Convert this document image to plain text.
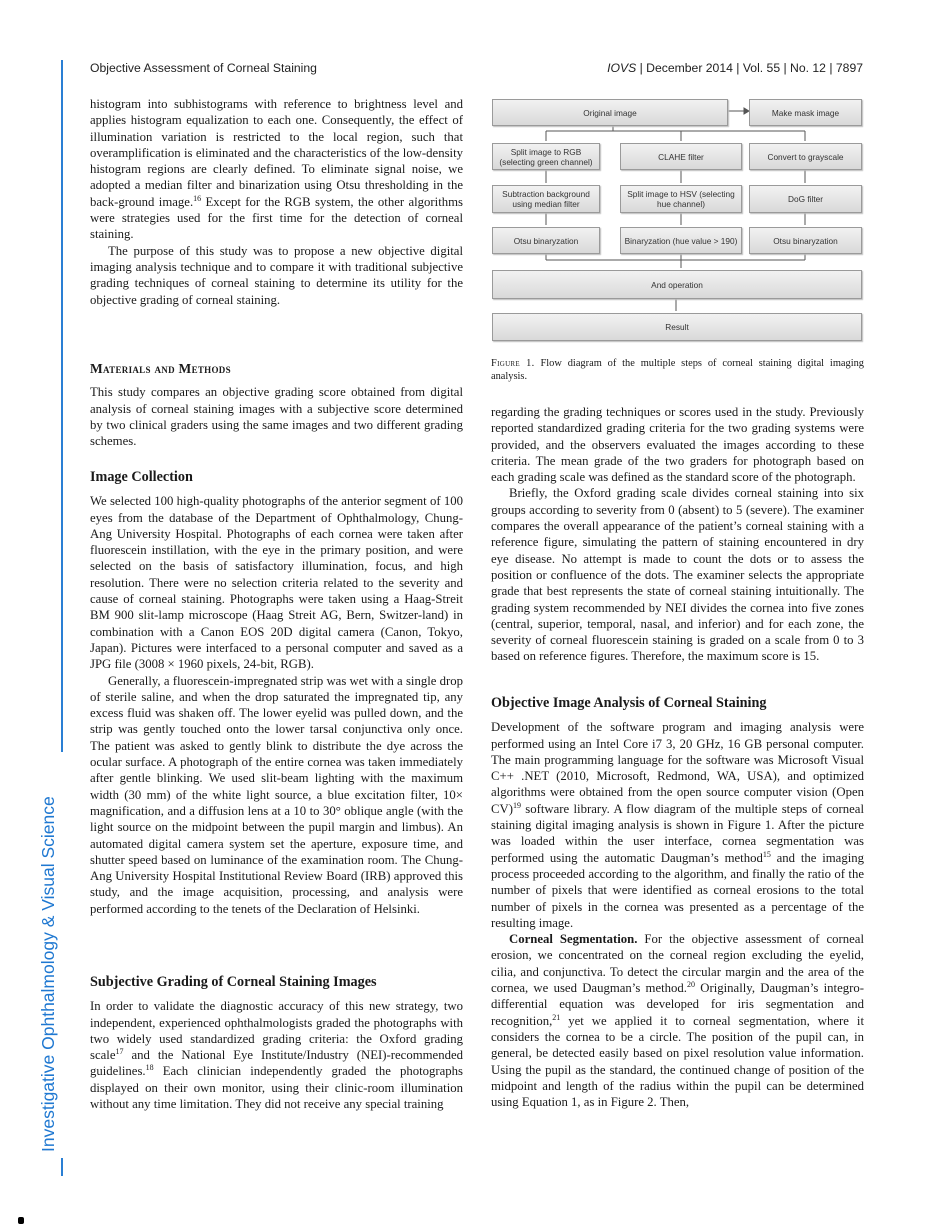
Investigative Ophthalmology & Visual Science
Objective Assessment of Corneal Staining	IOVS | December 2014 | Vol. 55 | No. 12 | 7897

histogram into subhistograms with reference to brightness level and applies histogram equalization to each one. Consequently, the effect of illumination variation is restricted to the local region, such that overamplification is eliminated and the characteristics of the low-density histogram regions are clearly defined. To eliminate signal noise, we adopted a median filter and binarization using Otsu thresholding in the back-ground image.$^{16}$ Except for the RGB system, the other algorithms were strategies used for the first time for the detection of corneal staining.

The purpose of this study was to propose a new objective digital imaging analysis technique and to compare it with traditional subjective grading techniques of corneal staining to determine its utility for the objective grading of corneal staining.

Materials and Methods

This study compares an objective grading score obtained from digital analysis of corneal staining images with a subjective score determined by two clinical graders using the same images and two different grading schemes.

Image Collection

We selected 100 high-quality photographs of the anterior segment of 100 eyes from the database of the Department of Ophthalmology, Chung-Ang University Hospital. Photographs of each cornea were taken after fluorescein instillation, with the eye in the primary position, and were selected on the basis of satisfactory illumination, focus, and high resolution. There were no selection criteria related to the severity and cause of corneal staining. Photographs were taken using a Haag-Streit BM 900 slit-lamp microscope (Haag Streit AG, Bern, Switzer-land) in combination with a Canon EOS 20D digital camera (Canon, Tokyo, Japan). Pictures were interfaced to a personal computer and saved as a JPG file (3008 × 1960 pixels, 24-bit, RGB).

Generally, a fluorescein-impregnated strip was wet with a single drop of sterile saline, and when the drop saturated the impregnated tip, any excess fluid was shaken off. The lower eyelid was pulled down, and the strip was gently touched onto the lower tarsal conjunctiva only once. The patient was asked to gently blink to distribute the dye across the ocular surface. A photograph of the entire cornea was taken immediately after gentle blinking. We used slit-beam lighting with the maximum width (30 mm) of the white light source, a blue excitation filter, 10× magnification, and a diffusion lens at a 10 to 30° oblique angle (with the light source on the midpoint between the pupil margin and limbus). An automated digital camera system set the aperture, exposure time, and shutter speed based on luminance of the examination room. The Chung-Ang University Hospital Institutional Review Board (IRB) approved this study, and the image acquisition, processing, and analysis were performed according to the tenets of the Declaration of Helsinki.

Subjective Grading of Corneal Staining Images

In order to validate the diagnostic accuracy of this new strategy, two independent, experienced ophthalmologists graded the photographs with two widely used standardized grading criteria: the Oxford grading scale$^{17}$ and the National Eye Institute/Industry (NEI)-recommended guidelines.$^{18}$ Each clinician independently graded the photographs displayed on their own monitor, using their clinic-room illumination without any time limitation. They did not receive any special training

Original image	Make mask image
Split image to RGB (selecting green channel)	CLAHE filter	Convert to grayscale
Subtraction background using median filter
Split image to HSV (selecting hue channel)	DoG filter
Otsu binaryzation	Binaryzation (hue value > 190)	Otsu binaryzation
And operation
Result
Figure 1. Flow diagram of the multiple steps of corneal staining digital imaging analysis.

regarding the grading techniques or scores used in the study. Previously reported standardized grading criteria for the two grading systems were provided, and the observers evaluated the images according to these criteria. The mean grade of the two graders for photograph based on each grading scale was defined as the standard score of the photograph.

Briefly, the Oxford grading scale divides corneal staining into six groups according to severity from 0 (absent) to 5 (severe). The examiner compares the overall appearance of the patient’s corneal staining with a reference figure, simulating the pattern of staining encountered in dry eye disease. No attempt is made to count the dots or to assess the position or confluence of the dots. The examiner selects the appropriate grade that best represents the state of corneal staining intuitionally. The grading system recommended by NEI divides the cornea into five zones (central, superior, temporal, nasal, and inferior) and for each zone, the severity of corneal fluorescein staining is graded on a scale from 0 to 3 based on reference figures. Therefore, the maximum score is 15.

Objective Image Analysis of Corneal Staining

Development of the software program and imaging analysis were performed using an Intel Core i7 3, 20 GHz, 16 GB personal computer. The main programming language for the software was Microsoft Visual C++ .NET (2010, Microsoft, Redmond, WA, USA), and optimized algorithms were obtained from the open source computer vision (Open CV)$^{19}$ software library. A flow diagram of the multiple steps of corneal staining digital imaging analysis is shown in Figure 1. After the picture was loaded within the user interface, cornea segmentation was performed using the automatic Daugman’s method$^{15}$ and the imaging process proceeded according to the algorithm, and finally the ratio of the number of pixels that were identified as corneal erosions to the total number of pixels in the cornea was presented as a percentage of the resulting image.

Corneal Segmentation. For the objective assessment of corneal erosion, we concentrated on the corneal region excluding the eyelid, cilia, and conjunctiva. To detect the circular margin and the area of the cornea, we used Daugman’s method.$^{20}$ Originally, Daugman’s integro-differential equation was developed for iris segmentation and recognition,$^{21}$ yet we applied it to corneal segmentation, where it considers the cornea to be a circle. The position of the pupil can, in general, be detected easily based on pixel resolution value information. Using the pupil as the standard, the continued change of position of the midpoint and length of the radius within the pupil can be determined using Equation 1, as in Figure 2. Then,
